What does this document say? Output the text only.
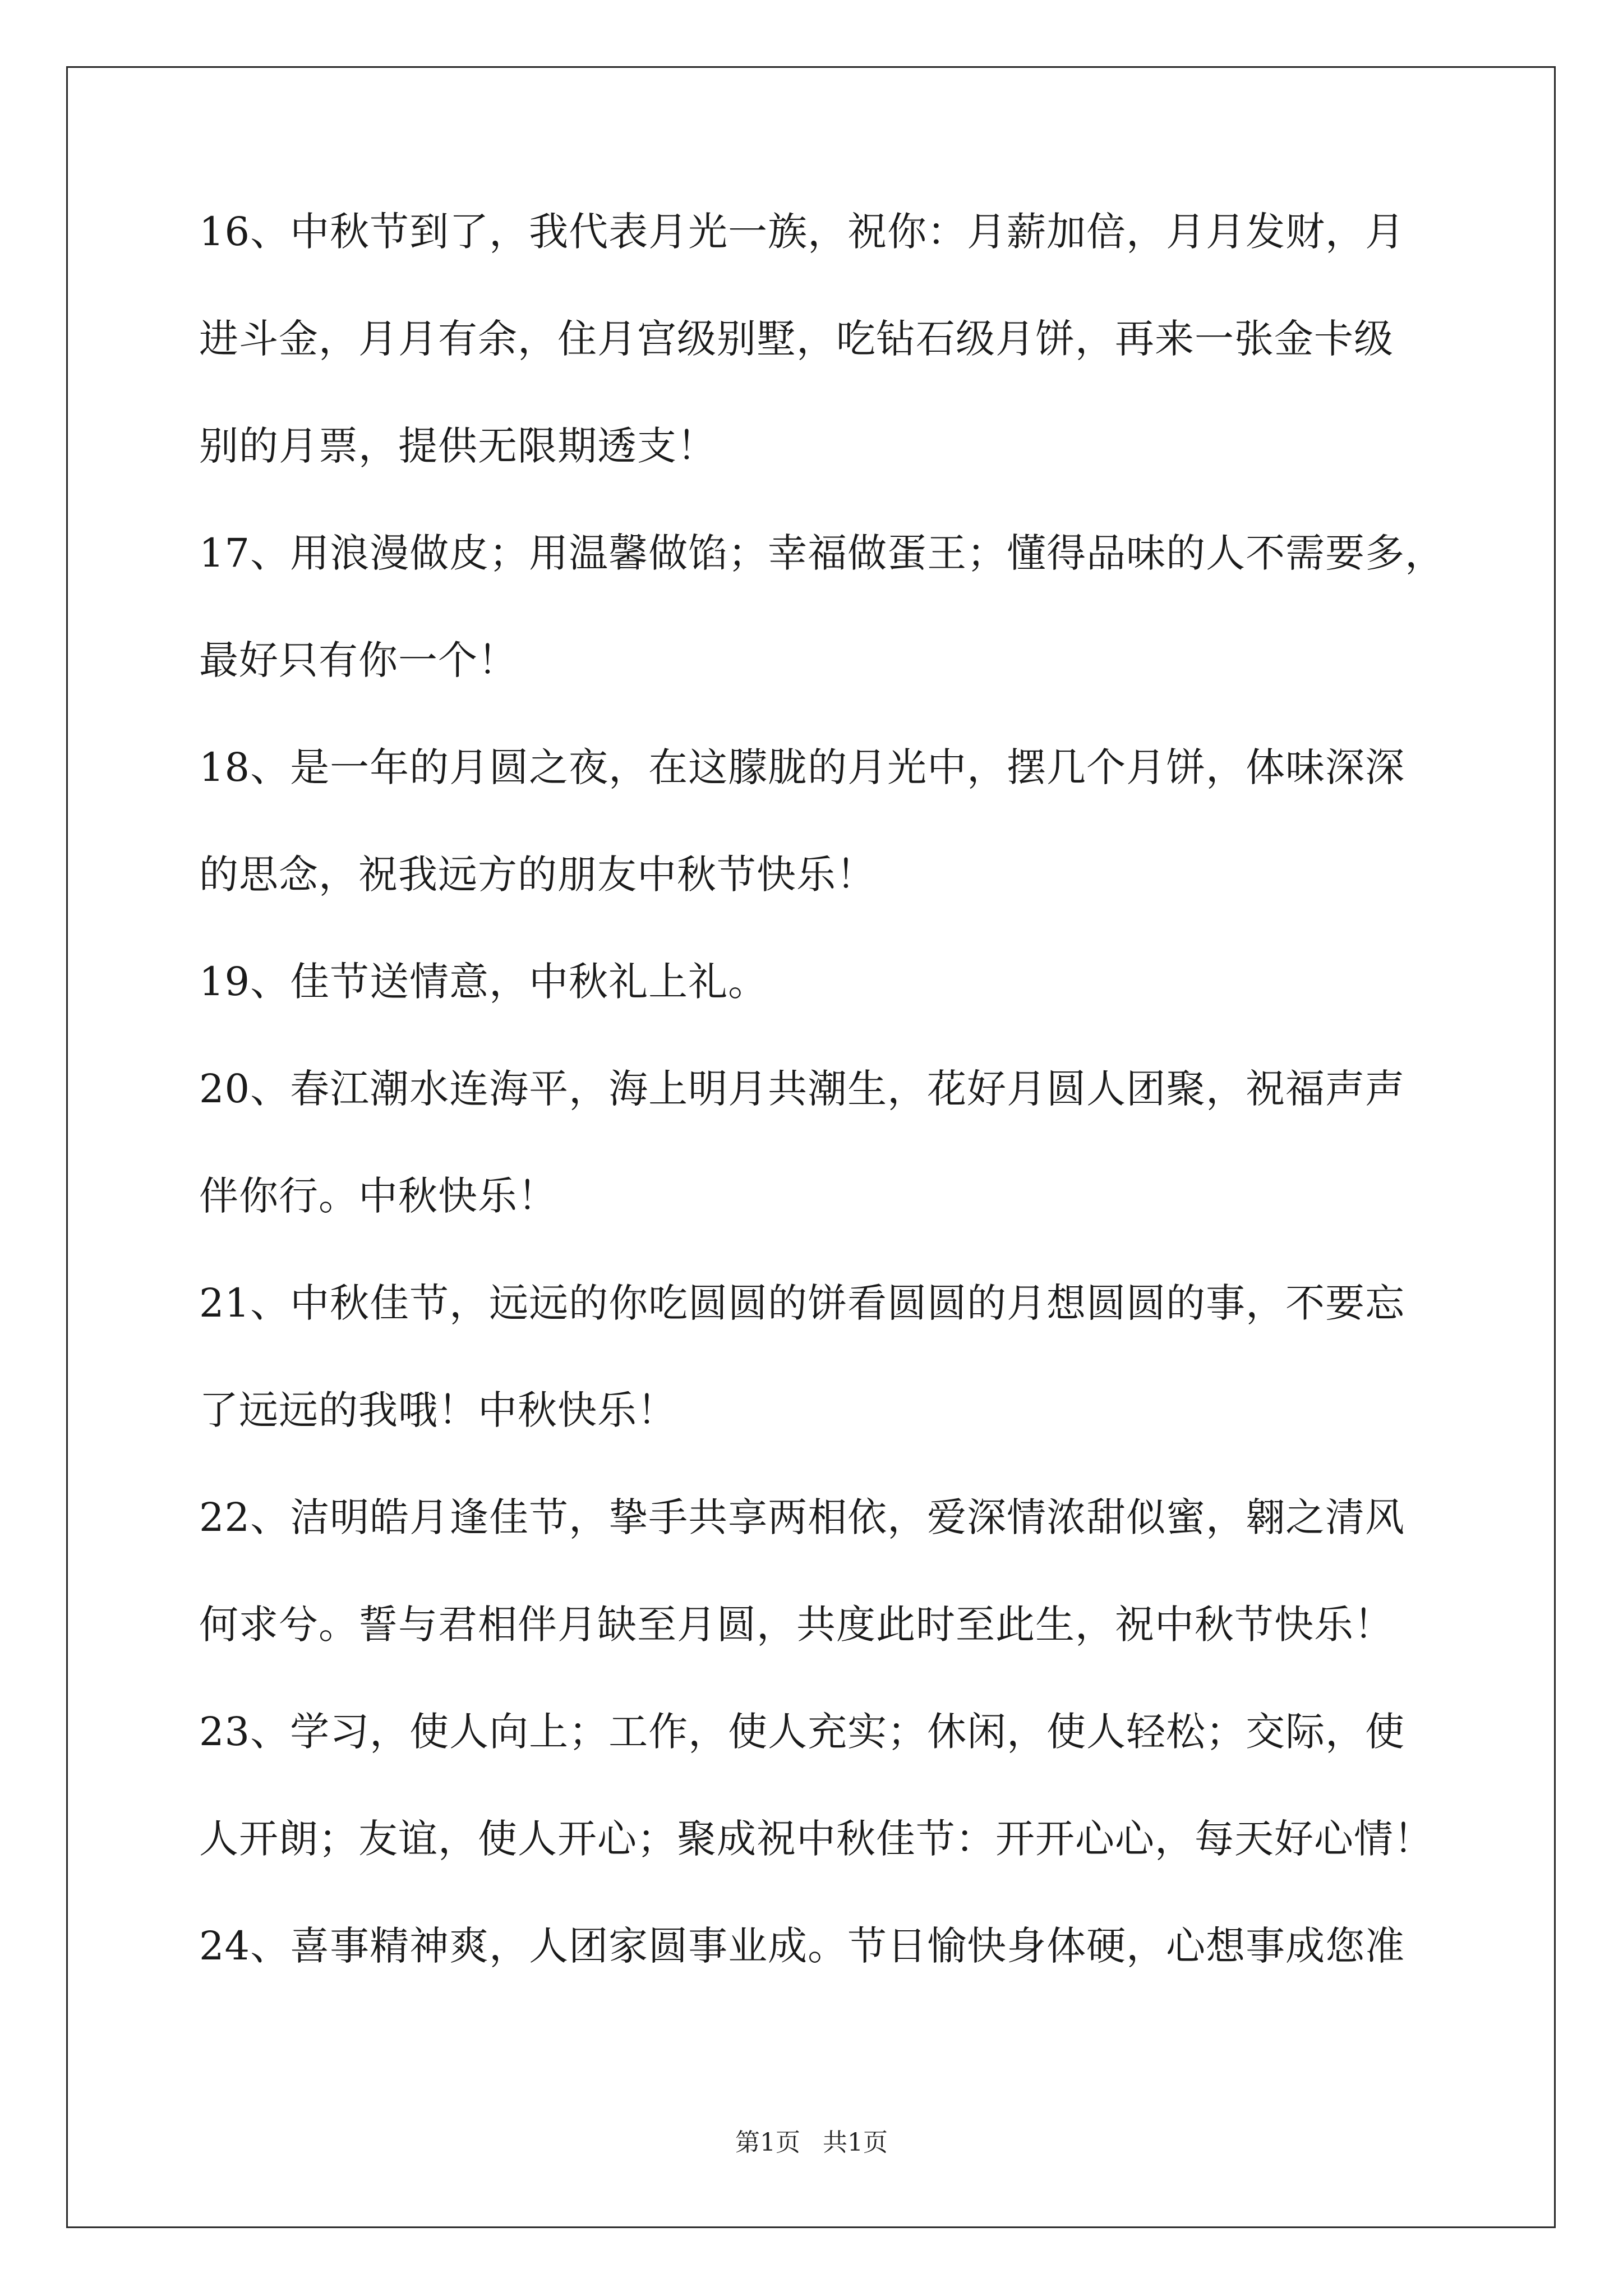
16、中秋节到了，我代表月光一族，祝你：月薪加倍，月月发财，月
进斗金，月月有余，住月宫级别墅，吃钻石级月饼，再来一张金卡级
别的月票，提供无限期透支！
17、用浪漫做皮；用温馨做馅；幸福做蛋王；懂得品味的人不需要多，
最好只有你一个！
18、是一年的月圆之夜，在这朦胧的月光中，摆几个月饼，体味深深
的思念，祝我远方的朋友中秋节快乐！
19、佳节送情意，中秋礼上礼。
20、春江潮水连海平，海上明月共潮生，花好月圆人团聚，祝福声声
伴你行。中秋快乐！
21、中秋佳节，远远的你吃圆圆的饼看圆圆的月想圆圆的事，不要忘
了远远的我哦！中秋快乐！
22、洁明皓月逢佳节，挚手共享两相依，爱深情浓甜似蜜，翱之清风
何求兮。誓与君相伴月缺至月圆，共度此时至此生，祝中秋节快乐！
23、学习，使人向上；工作，使人充实；休闲，使人轻松；交际，使
人开朗；友谊，使人开心；聚成祝中秋佳节：开开心心，每天好心情！
24、喜事精神爽，人团家圆事业成。节日愉快身体硬，心想事成您准
第1页 共1页
